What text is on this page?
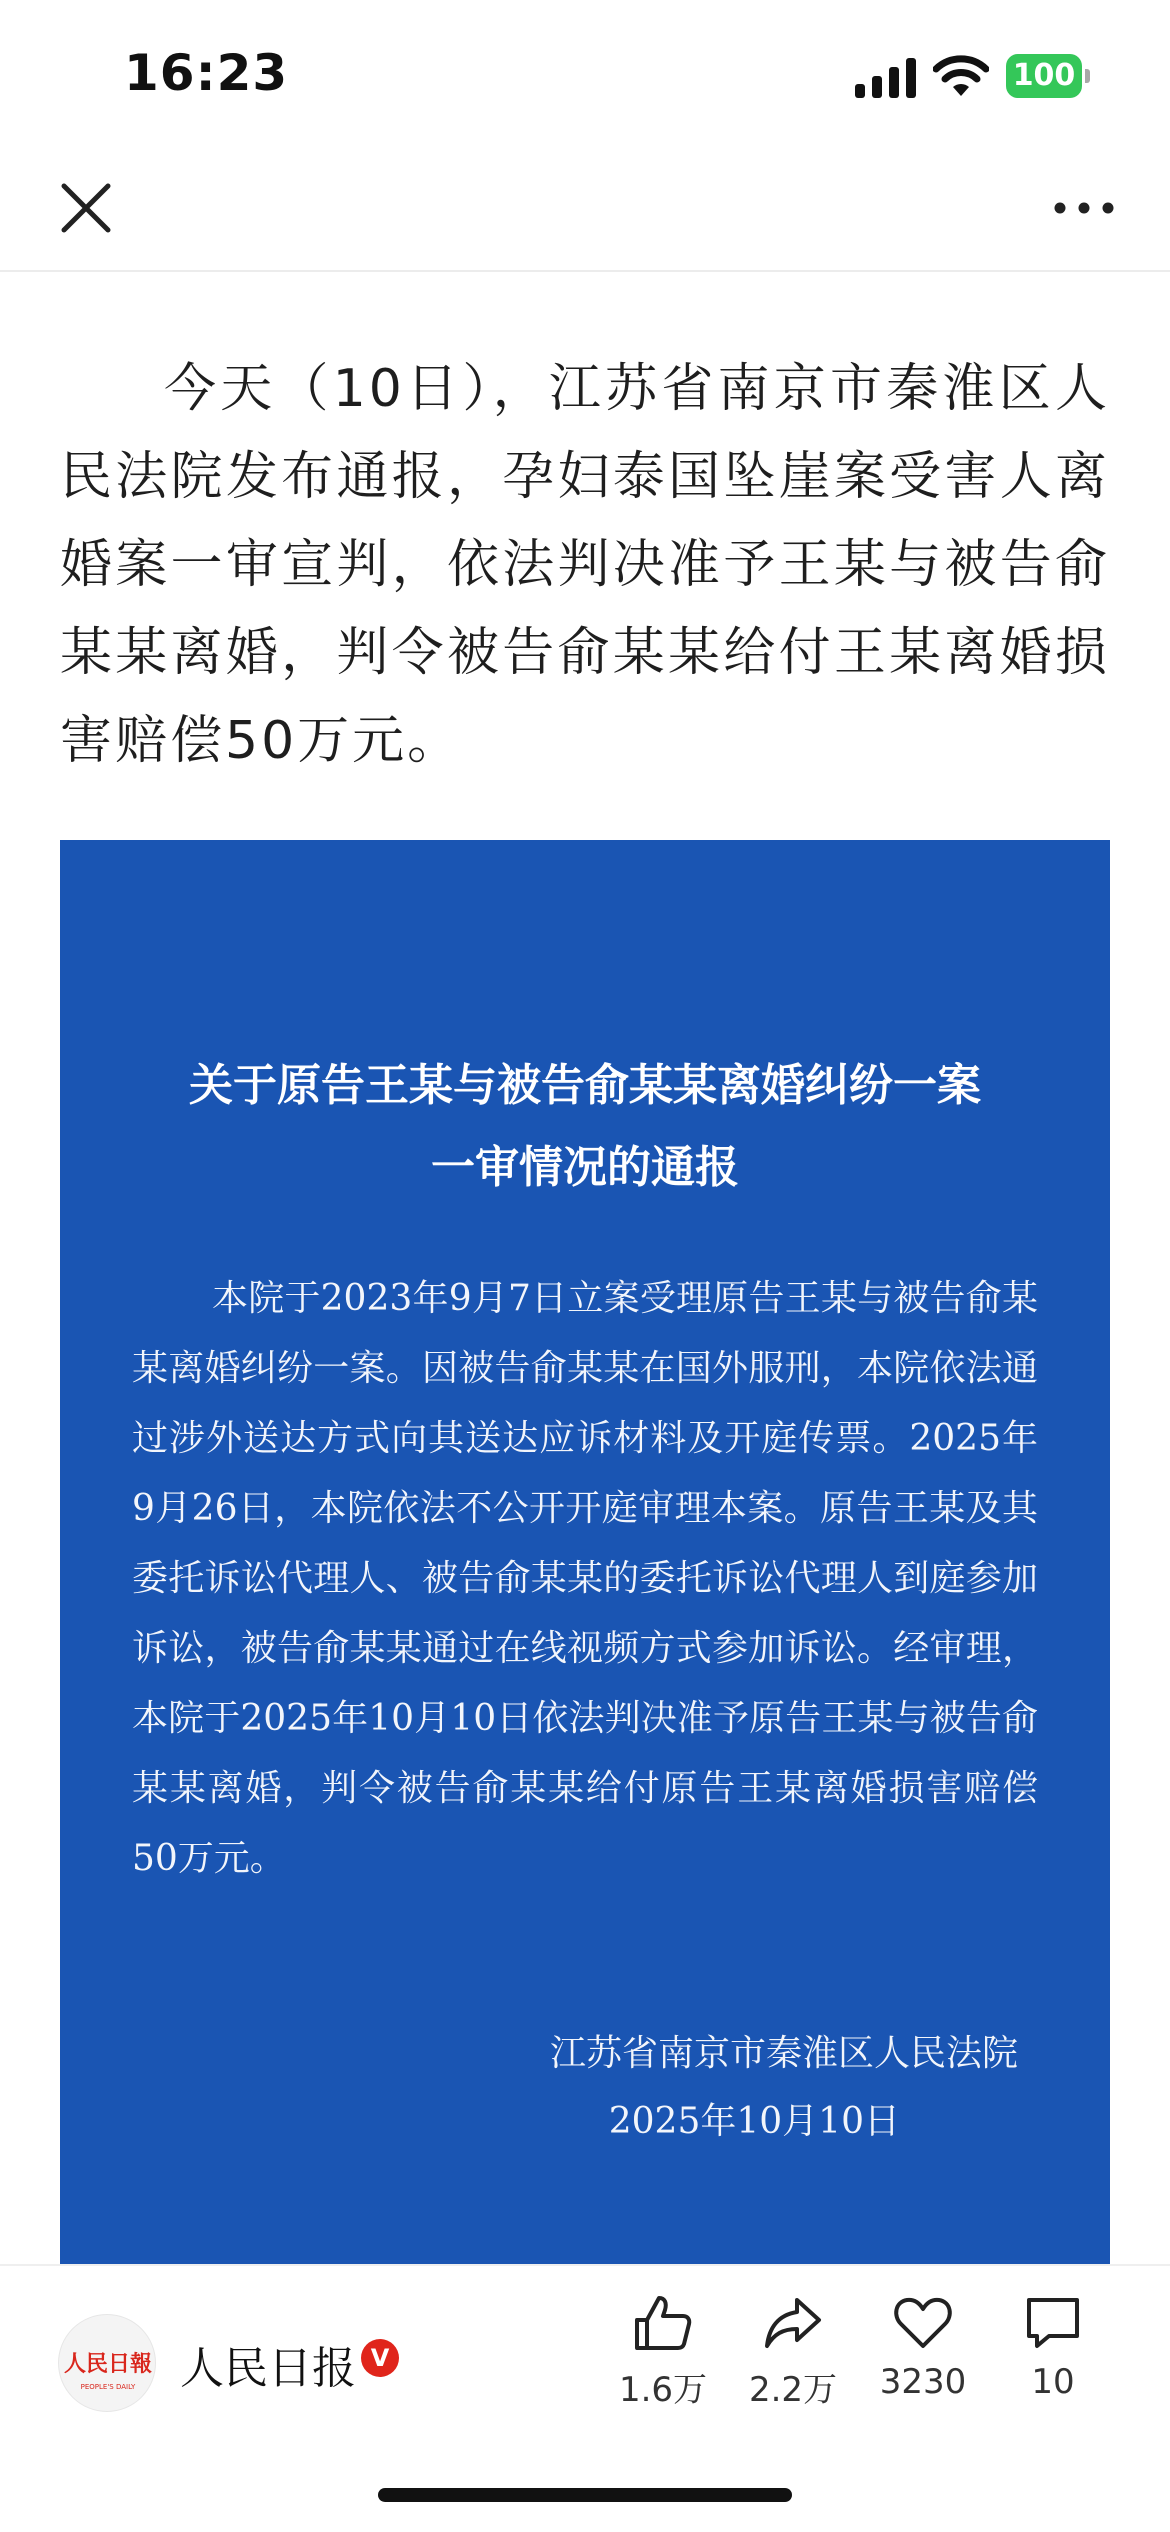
16:23	100

今天（10日），江苏省南京市秦淮区人民法院发布通报，孕妇泰国坠崖案受害人离婚案一审宣判，依法判决准予王某与被告俞某某离婚，判令被告俞某某给付王某离婚损害赔偿50万元。

关于原告王某与被告俞某某离婚纠纷一案
一审情况的通报

本院于2023年9月7日立案受理原告王某与被告俞某某离婚纠纷一案。因被告俞某某在国外服刑，本院依法通过涉外送达方式向其送达应诉材料及开庭传票。2025年9月26日，本院依法不公开开庭审理本案。原告王某及其委托诉讼代理人、被告俞某某的委托诉讼代理人到庭参加诉讼，被告俞某某通过在线视频方式参加诉讼。经审理，本院于2025年10月10日依法判决准予原告王某与被告俞某某离婚，判令被告俞某某给付原告王某离婚损害赔偿50万元。

江苏省南京市秦淮区人民法院
2025年10月10日
人民日報
PEOPLE'S DAILY 人民日报 V
1.6万	2.2万	3230	10
